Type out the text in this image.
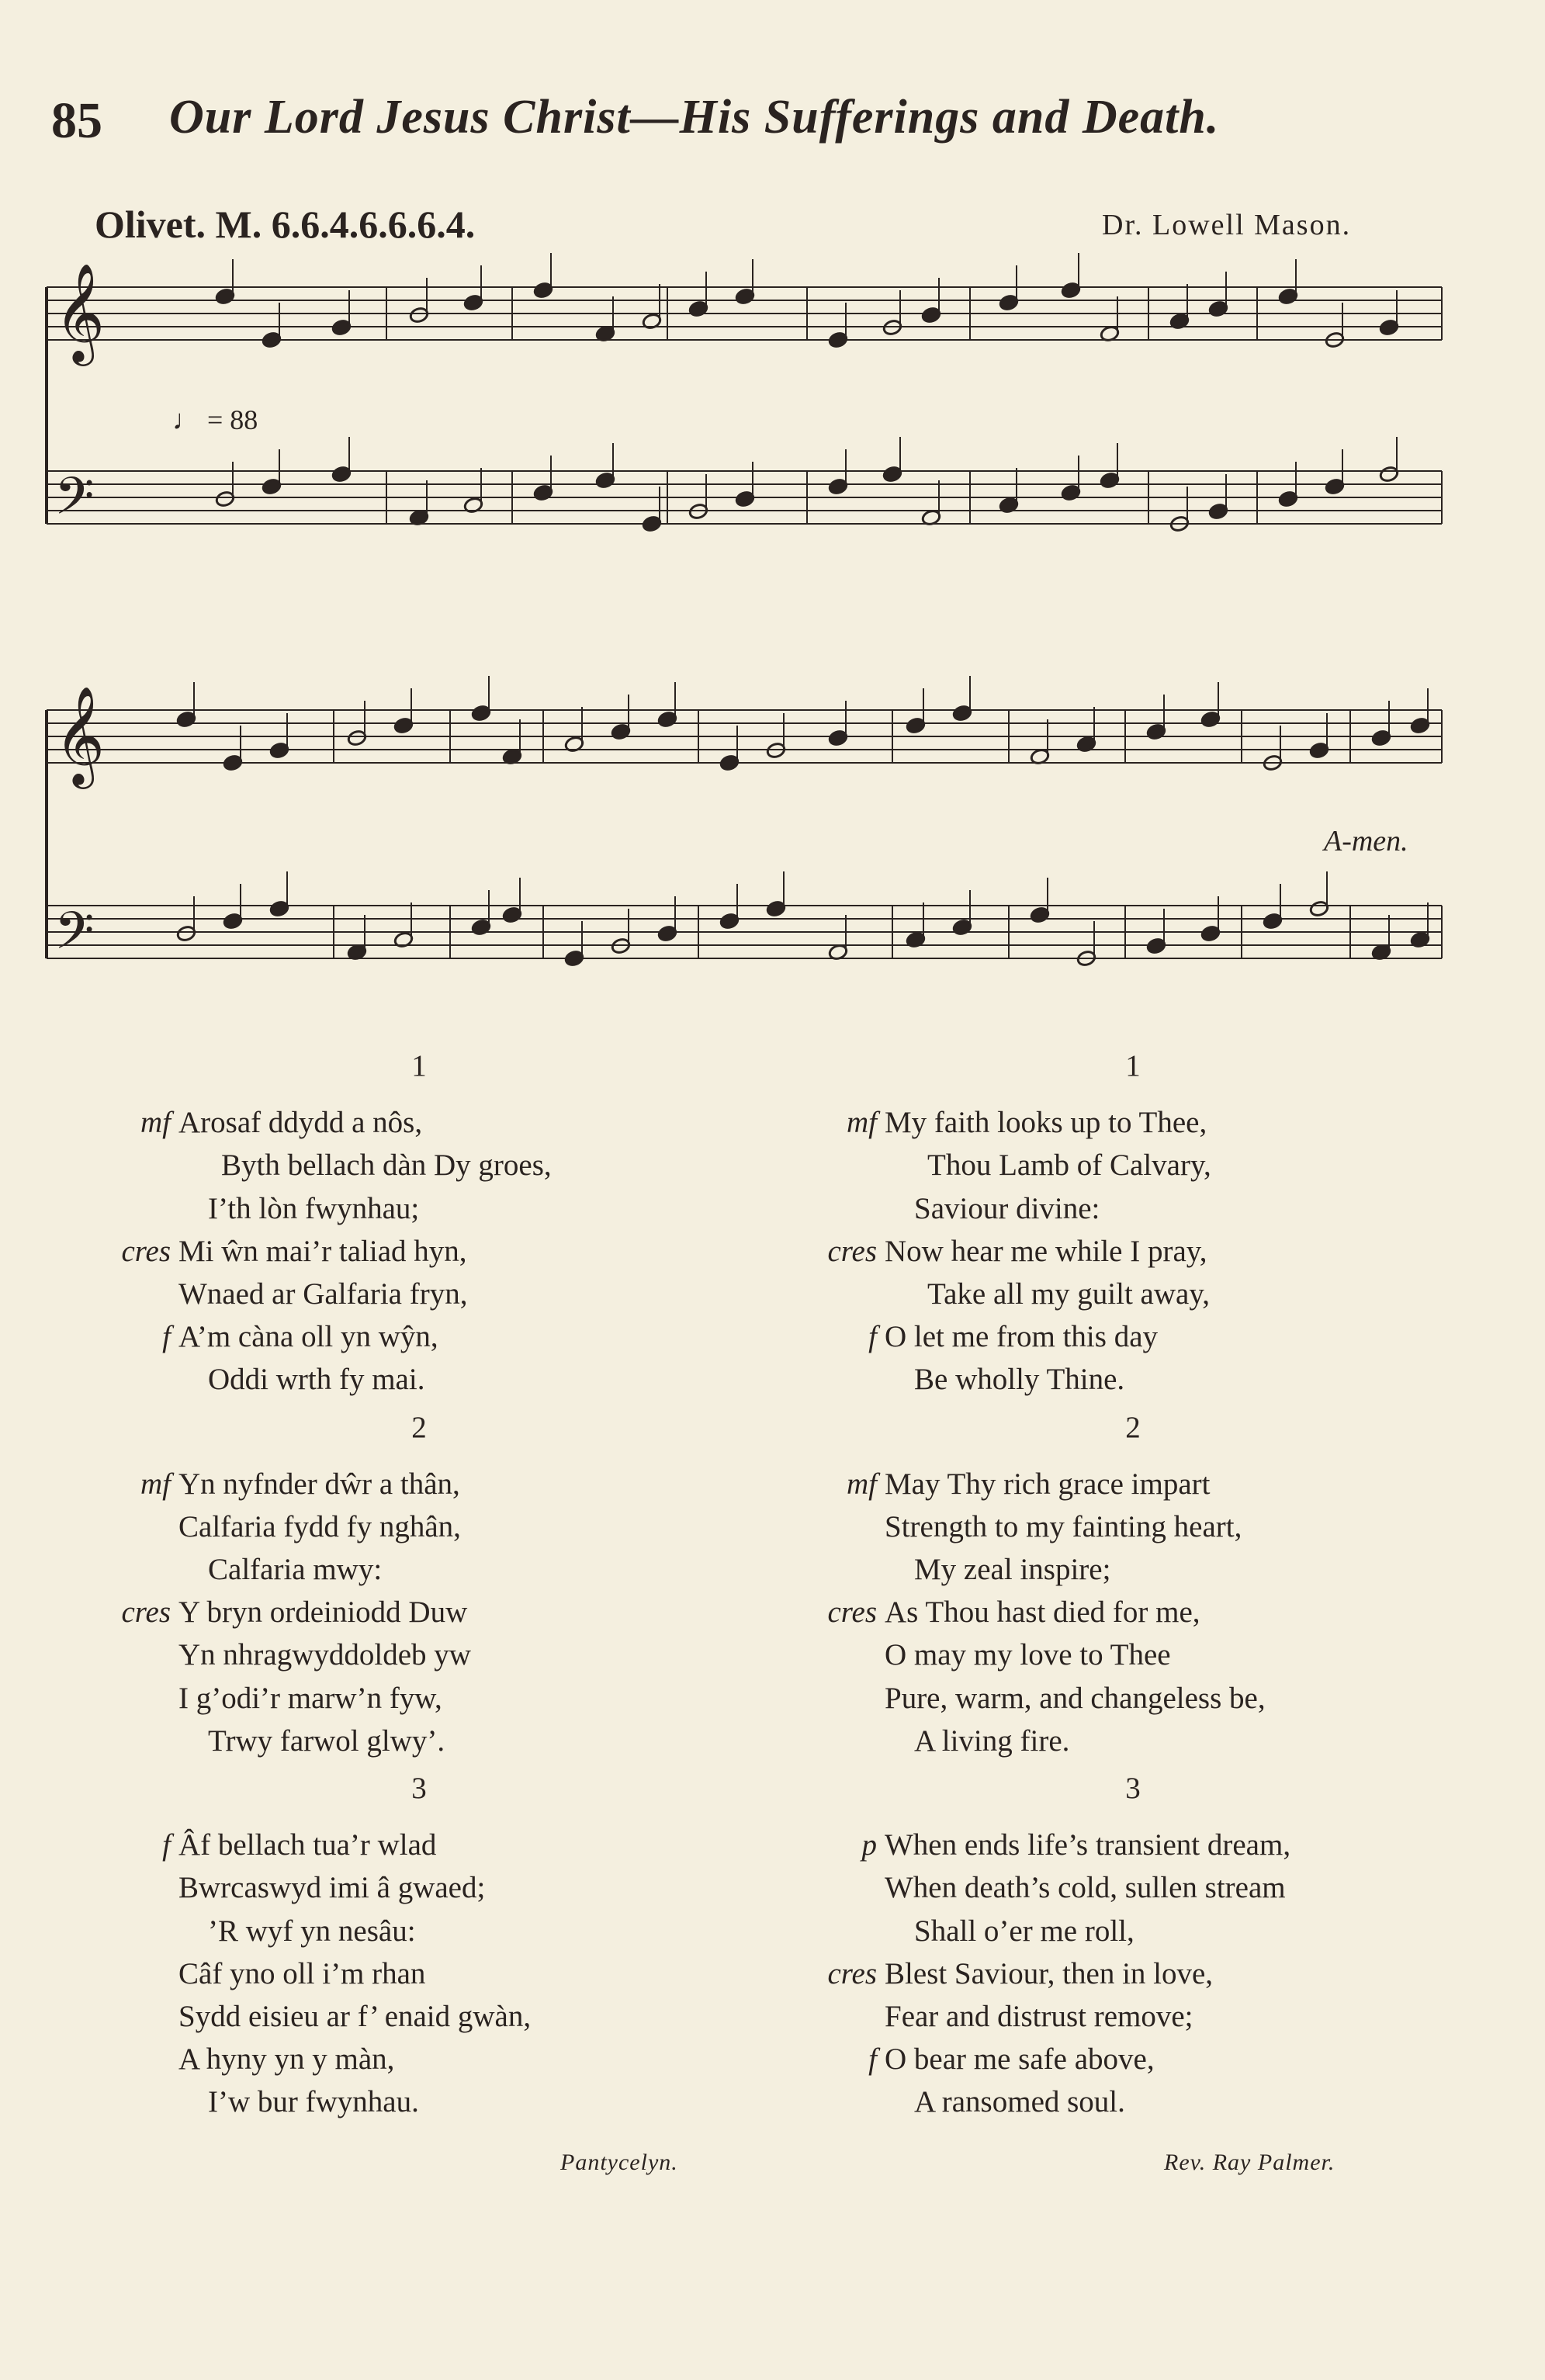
85 Our Lord Jesus Christ—His Sufferings and Death.
Olivet. M. 6.6.4.6.6.6.4.	Dr. Lowell Mason.
𝄞
𝄞
𝄢
𝄢
♩ = 88
A-men.
1
mf Arosaf ddydd a nôs,
Byth bellach dàn Dy groes,
I’th lòn fwynhau;
cres Mi ŵn mai’r taliad hyn,
Wnaed ar Galfaria fryn,
f A’m càna oll yn wŷn,
Oddi wrth fy mai.
2
mf Yn nyfnder dŵr a thân,
Calfaria fydd fy nghân,
Calfaria mwy:
cres Y bryn ordeiniodd Duw
Yn nhragwyddoldeb yw
I g’odi’r marw’n fyw,
Trwy farwol glwy’.
3
f Âf bellach tua’r wlad
Bwrcaswyd imi â gwaed;
’R wyf yn nesâu:
Câf yno oll i’m rhan
Sydd eisieu ar f’ enaid gwàn,
A hyny yn y màn,
I’w bur fwynhau.
1
mf My faith looks up to Thee,
Thou Lamb of Calvary,
Saviour divine:
cres Now hear me while I pray,
Take all my guilt away,
f O let me from this day
Be wholly Thine.
2
mf May Thy rich grace impart
Strength to my fainting heart,
My zeal inspire;
cres As Thou hast died for me,
O may my love to Thee
Pure, warm, and changeless be,
A living fire.
3
p When ends life’s transient dream,
When death’s cold, sullen stream
Shall o’er me roll,
cres Blest Saviour, then in love,
Fear and distrust remove;
f O bear me safe above,
A ransomed soul.
Pantycelyn.	Rev. Ray Palmer.
